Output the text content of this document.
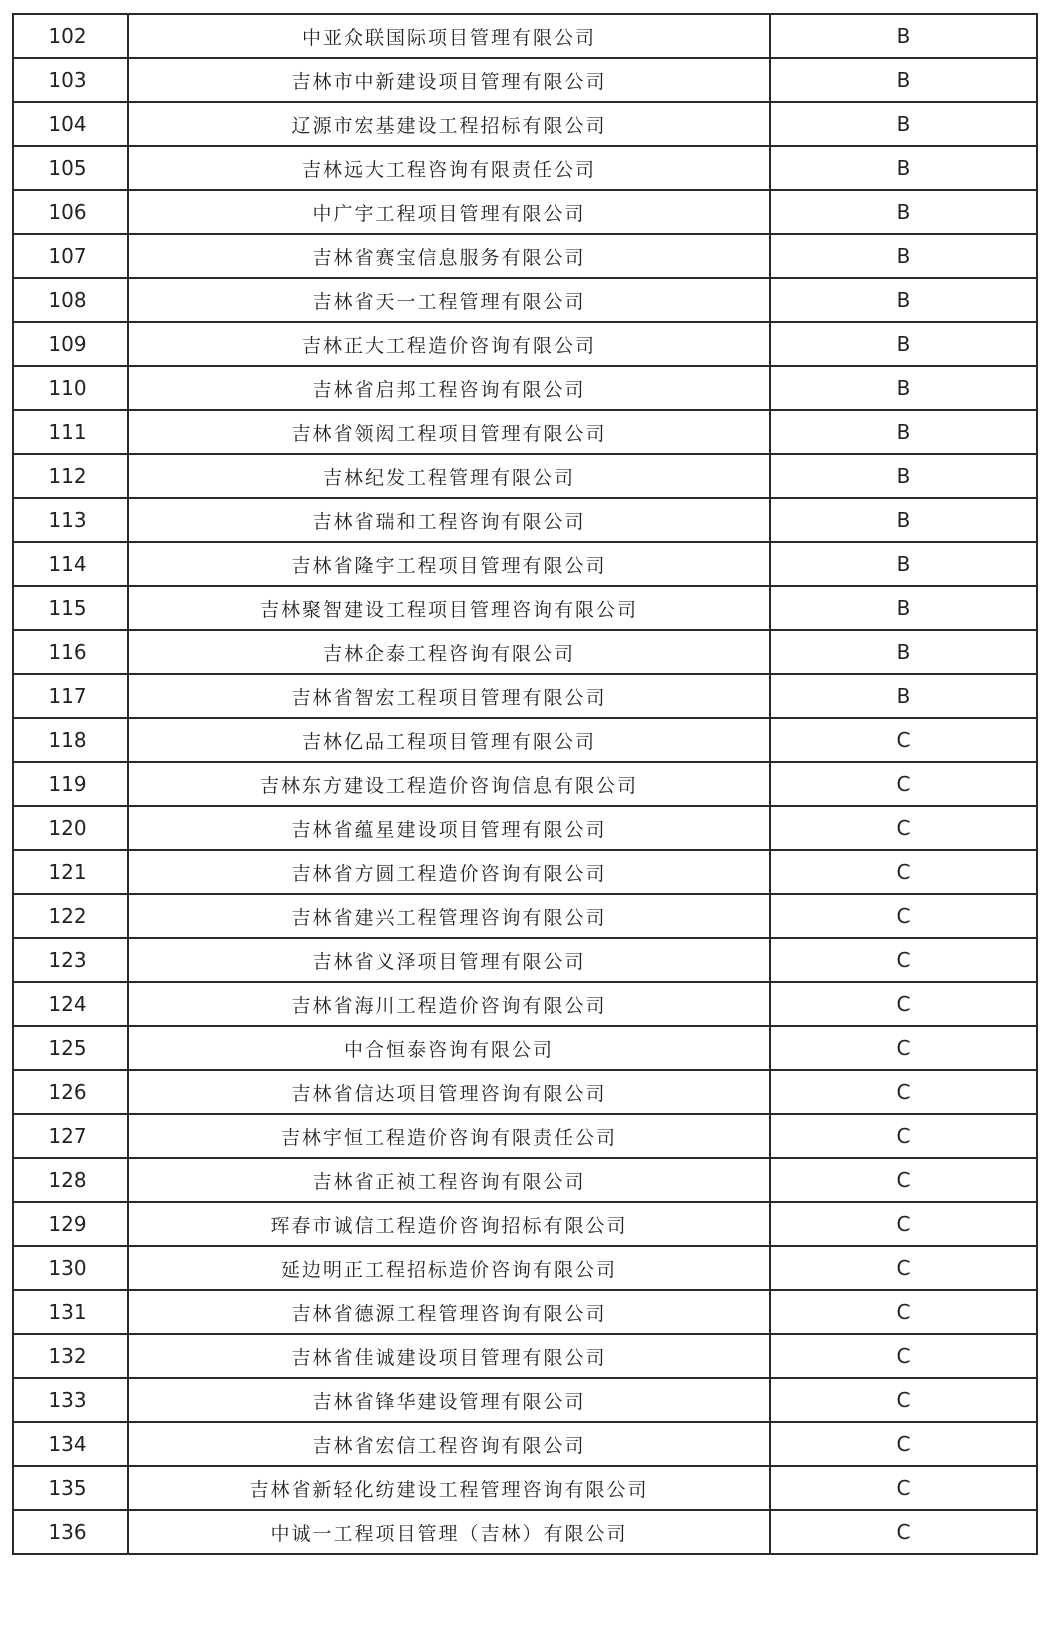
102	中亚众联国际项目管理有限公司	B
103	吉林市中新建设项目管理有限公司	B
104	辽源市宏基建设工程招标有限公司	B
105	吉林远大工程咨询有限责任公司	B
106	中广宇工程项目管理有限公司	B
107	吉林省赛宝信息服务有限公司	B
108	吉林省天一工程管理有限公司	B
109	吉林正大工程造价咨询有限公司	B
110	吉林省启邦工程咨询有限公司	B
111	吉林省领闳工程项目管理有限公司	B
112	吉林纪发工程管理有限公司	B
113	吉林省瑞和工程咨询有限公司	B
114	吉林省隆宇工程项目管理有限公司	B
115	吉林聚智建设工程项目管理咨询有限公司	B
116	吉林企泰工程咨询有限公司	B
117	吉林省智宏工程项目管理有限公司	B
118	吉林亿品工程项目管理有限公司	C
119	吉林东方建设工程造价咨询信息有限公司	C
120	吉林省蕴星建设项目管理有限公司	C
121	吉林省方圆工程造价咨询有限公司	C
122	吉林省建兴工程管理咨询有限公司	C
123	吉林省义泽项目管理有限公司	C
124	吉林省海川工程造价咨询有限公司	C
125	中合恒泰咨询有限公司	C
126	吉林省信达项目管理咨询有限公司	C
127	吉林宇恒工程造价咨询有限责任公司	C
128	吉林省正祯工程咨询有限公司	C
129	珲春市诚信工程造价咨询招标有限公司	C
130	延边明正工程招标造价咨询有限公司	C
131	吉林省德源工程管理咨询有限公司	C
132	吉林省佳诚建设项目管理有限公司	C
133	吉林省锋华建设管理有限公司	C
134	吉林省宏信工程咨询有限公司	C
135	吉林省新轻化纺建设工程管理咨询有限公司	C
136	中诚一工程项目管理（吉林）有限公司	C
